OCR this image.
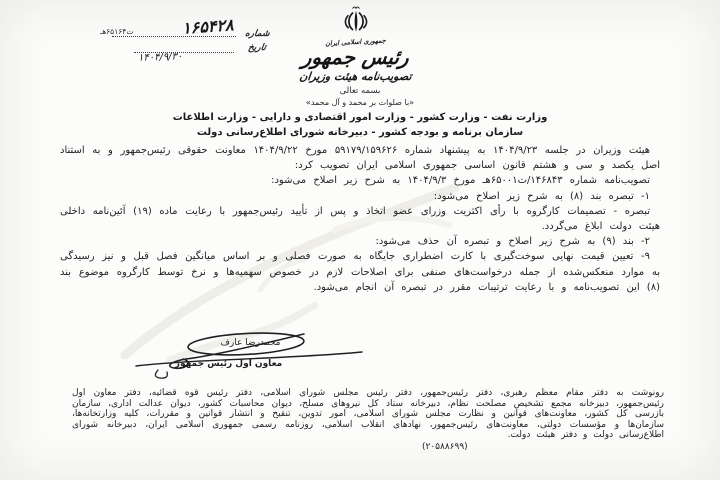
ت۶۵۱۶۴هـ	۱۶۵۴۲۸ شماره
تاریخ
۱۴۰۴/۹/۳۰
جمهوری اسلامی ایران
رئیس جمهور
تصویب‌نامه هیئت وزیران
بسمه تعالی
«با صلوات بر محمد و آل محمد»
وزارت نفت - وزارت کشور - وزارت امور اقتصادی و دارایی - وزارت اطلاعات
سازمان برنامه و بودجه کشور - دبیرخانه شورای اطلاع‌رسانی دولت

هیئت وزیران در جلسه ۱۴۰۴/۹/۲۳ به پیشنهاد شماره ۵۹۱۷۹/۱۵۹۶۲۶ مورخ ۱۴۰۴/۹/۲۲ معاونت حقوقی رئیس‌جمهور و به استناد اصل یکصد و سی و هشتم قانون اساسی جمهوری اسلامی ایران تصویب کرد:

تصویب‌نامه شماره ۱۴۶۸۴۳/ت۶۵۰۰۱هـ مورخ ۱۴۰۴/۹/۳ به شرح زیر اصلاح می‌شود:

۱- تبصره بند (۸) به شرح زیر اصلاح می‌شود:

تبصره - تصمیمات کارگروه با رأی اکثریت وزرای عضو اتخاذ و پس از تأیید رئیس‌جمهور با رعایت ماده (۱۹) آئین‌نامه داخلی هیئت دولت ابلاغ می‌گردد.

۲- بند (۹) به شرح زیر اصلاح و تبصره آن حذف می‌شود:

۹- تعیین قیمت نهایی سوخت‌گیری با کارت اضطراری جایگاه به صورت فصلی و بر اساس میانگین فصل قبل و نیز رسیدگی به موارد منعکس‌شده از جمله درخواست‌های صنفی برای اصلاحات لازم در خصوص سهمیه‌ها و نرخ توسط کارگروه موضوع بند (۸) این تصویب‌نامه و با رعایت ترتیبات مقرر در تبصره آن انجام می‌شود.

محمدرضا عارف
معاون اول رئیس جمهور
رونوشت به دفتر مقام معظم رهبری، دفتر رئیس‌جمهور، دفتر رئیس مجلس شورای اسلامی، دفتر رئیس قوه قضائیه، دفتر معاون اول رئیس‌جمهور، دبیرخانه مجمع تشخیص مصلحت نظام، دبیرخانه ستاد کل نیروهای مسلح، دیوان محاسبات کشور، دیوان عدالت اداری، سازمان بازرسی کل کشور، معاونت‌های قوانین و نظارت مجلس شورای اسلامی، امور تدوین، تنقیح و انتشار قوانین و مقررات، کلیه وزارتخانه‌ها، سازمان‌ها و مؤسسات دولتی، معاونت‌های رئیس‌جمهور، نهادهای انقلاب اسلامی، روزنامه رسمی جمهوری اسلامی ایران، دبیرخانه شورای اطلاع‌رسانی دولت و دفتر هیئت دولت.
(۲۰۵۸۸۶۹۹)
